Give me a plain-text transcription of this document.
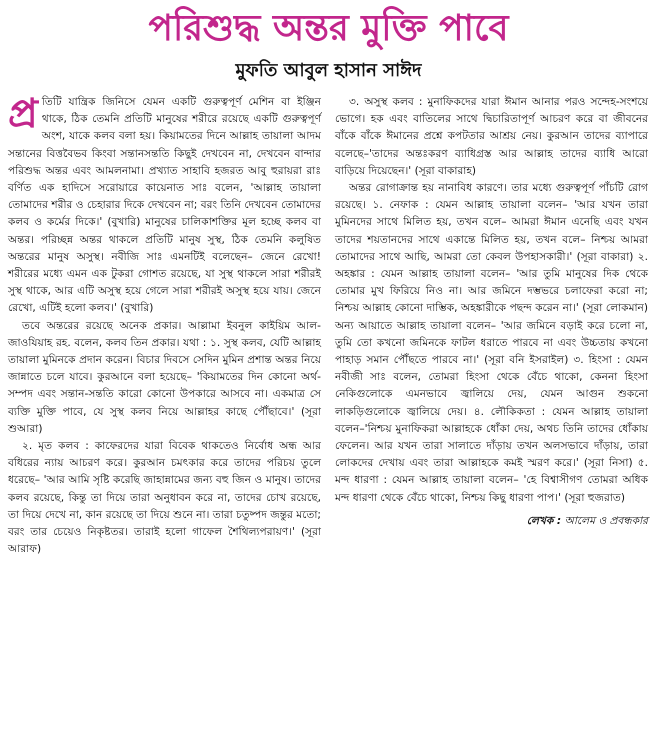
পরিশুদ্ধ অন্তর মুক্তি পাবে
মুফতি আবুল হাসান সাঈদ

প্র তিটি যান্ত্রিক জিনিসে যেমন একটি গুরুত্বপূর্ণ মেশিন বা ইঞ্জিন থাকে, ঠিক তেমনি প্রতিটি মানুষের শরীরে রয়েছে একটি গুরুত্বপূর্ণ অংশ, যাকে কলব বলা হয়। কিয়ামতের দিনে আল্লাহ তায়ালা আদম সন্তানের বিত্তবৈভব কিংবা সন্তানসন্ততি কিছুই দেখবেন না, দেখবেন বান্দার পরিশুদ্ধ অন্তর এবং আমলনামা। প্রখ্যাত সাহাবি হজরত আবু হুরায়রা রাঃ বর্ণিত এক হাদিসে সরোয়ারে কায়েনাত সাঃ বলেন, 'আল্লাহ তায়ালা তোমাদের শরীর ও চেহারার দিকে দেখবেন না; বরং তিনি দেখবেন তোমাদের কলব ও কর্মের দিকে।' (বুখারি) মানুষের চালিকাশক্তির মূল হচ্ছে কলব বা অন্তর। পরিচ্ছন্ন অন্তর থাকলে প্রতিটি মানুষ সুস্থ, ঠিক তেমনি কলুষিত অন্তরের মানুষ অসুস্থ। নবীজি সাঃ এমনটিই বলেছেন– জেনে রেখো! শরীরের মধ্যে এমন এক টুকরা গোশত রয়েছে, যা সুস্থ থাকলে সারা শরীরই সুস্থ থাকে, আর এটি অসুস্থ হয়ে গেলে সারা শরীরই অসুস্থ হয়ে যায়। জেনে রেখো, এটিই হলো কলব।' (বুখারি)

তবে অন্তরের রয়েছে অনেক প্রকার। আল্লামা ইবনুল কাইয়িম আল-জাওযিয়াহ রহ. বলেন, কলব তিন প্রকার। যথা : ১. সুস্থ কলব, যেটি আল্লাহ তায়ালা মুমিনকে প্রদান করেন। বিচার দিবসে সেদিন মুমিন প্রশান্ত অন্তর নিয়ে জান্নাতে চলে যাবে। কুরআনে বলা হয়েছে– 'কিয়ামতের দিন কোনো অর্থ-সম্পদ এবং সন্তান-সন্ততি কারো কোনো উপকারে আসবে না। একমাত্র সে ব্যক্তি মুক্তি পাবে, যে সুস্থ কলব নিয়ে আল্লাহর কাছে পৌঁছাবে।' (সূরা শুআরা)

২. মৃত কলব : কাফেরদের যারা বিবেক থাকতেও নির্বোধ অন্ধ আর বধিরের ন্যায় আচরণ করে। কুরআন চমৎকার করে তাদের পরিচয় তুলে ধরেছে– 'আর আমি সৃষ্টি করেছি জাহান্নামের জন্য বহু জিন ও মানুষ। তাদের কলব রয়েছে, কিন্তু তা দিয়ে তারা অনুধাবন করে না, তাদের চোখ রয়েছে, তা দিয়ে দেখে না, কান রয়েছে তা দিয়ে শুনে না। তারা চতুষ্পদ জন্তুর মতো; বরং তার চেয়েও নিকৃষ্টতর। তারাই হলো গাফেল শৈথিল্যপরায়ণ।' (সূরা আরাফ)

৩. অসুস্থ কলব : মুনাফিকদের যারা ঈমান আনার পরও সন্দেহ-সংশয়ে ভোগে। হক এবং বাতিলের সাথে দ্বিচারিতাপূর্ণ আচরণ করে বা জীবনের বাঁকে বাঁকে ঈমানের প্রশ্নে কপটতার আশ্রয় নেয়। কুরআন তাদের ব্যাপারে বলেছে–'তাদের অন্তঃকরণ ব্যাধিগ্রস্ত আর আল্লাহ তাদের ব্যাধি আরো বাড়িয়ে দিয়েছেন।' (সূরা বাকারাহ)

অন্তর রোগাক্রান্ত হয় নানাবিধ কারণে। তার মধ্যে গুরুত্বপূর্ণ পাঁচটি রোগ রয়েছে। ১. নেফাক : যেমন আল্লাহ তায়ালা বলেন– 'আর যখন তারা মুমিনদের সাথে মিলিত হয়, তখন বলে– আমরা ঈমান এনেছি এবং যখন তাদের শয়তানদের সাথে একান্তে মিলিত হয়, তখন বলে– নিশ্চয় আমরা তোমাদের সাথে আছি, আমরা তো কেবল উপহাসকারী।' (সূরা বাকারা) ২. অহঙ্কার : যেমন আল্লাহ তায়ালা বলেন– 'আর তুমি মানুষের দিক থেকে তোমার মুখ ফিরিয়ে নিও না। আর জমিনে দম্ভভরে চলাফেরা করো না; নিশ্চয় আল্লাহ কোনো দাম্ভিক, অহঙ্কারীকে পছন্দ করেন না।' (সূরা লোকমান) অন্য আয়াতে আল্লাহ তায়ালা বলেন– 'আর জমিনে বড়াই করে চলো না, তুমি তো কখনো জমিনকে ফাটল ধরাতে পারবে না এবং উচ্চতায় কখনো পাহাড় সমান পৌঁছতে পারবে না।' (সূরা বনি ইসরাইল) ৩. হিংসা : যেমন নবীজী সাঃ বলেন, তোমরা হিংসা থেকে বেঁচে থাকো, কেননা হিংসা নেকিগুলোকে এমনভাবে জ্বালিয়ে দেয়, যেমন আগুন শুকনো লাকড়িগুলোকে জ্বালিয়ে দেয়। ৪. লৌকিকতা : যেমন আল্লাহ তায়ালা বলেন–'নিশ্চয় মুনাফিকরা আল্লাহকে ধোঁকা দেয়, অথচ তিনি তাদের ধোঁকায় ফেলেন। আর যখন তারা সালাতে দাঁড়ায় তখন অলসভাবে দাঁড়ায়, তারা লোকদের দেখায় এবং তারা আল্লাহকে কমই স্মরণ করে।' (সূরা নিসা) ৫. মন্দ ধারণা : যেমন আল্লাহ তায়ালা বলেন– 'হে বিশ্বাসীগণ তোমরা অধিক মন্দ ধারণা থেকে বেঁচে থাকো, নিশ্চয় কিছু ধারণা পাপ।' (সূরা হুজরাত)

লেখক : আলেম ও প্রবন্ধকার
